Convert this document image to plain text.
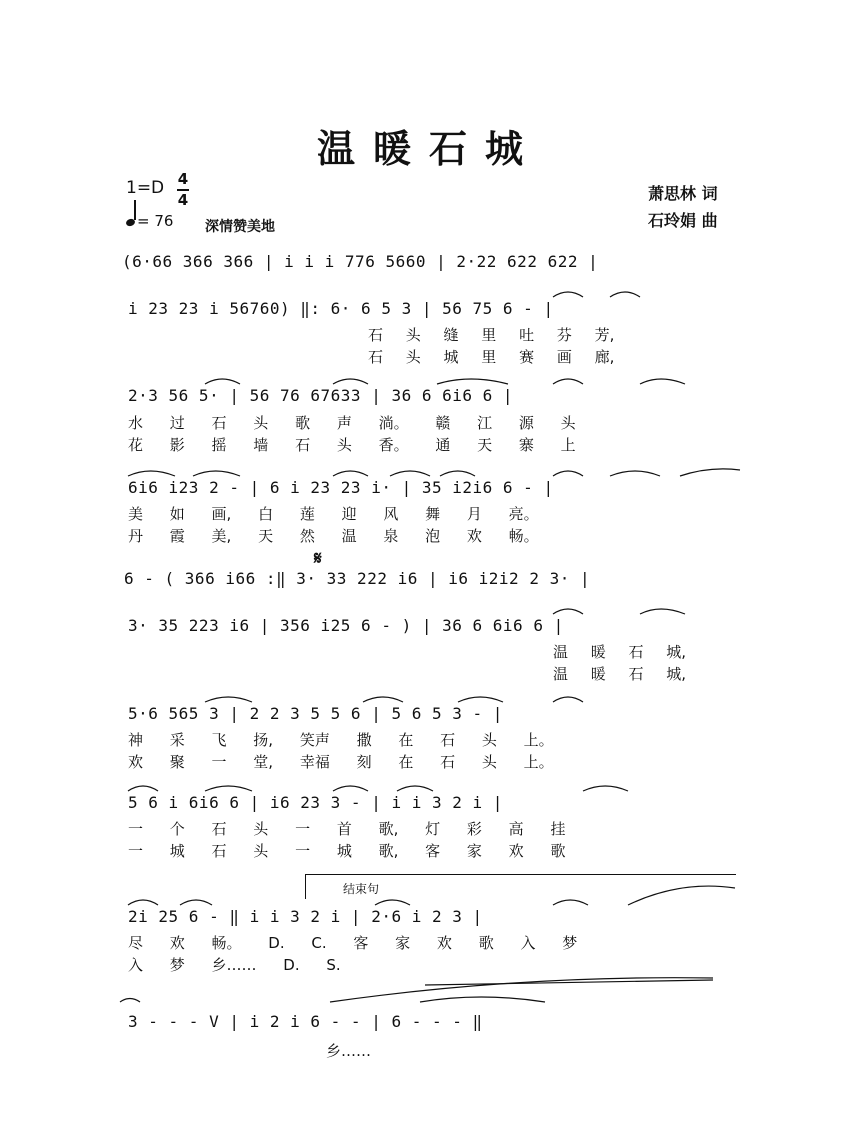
温暖石城
1=D 4
4
= 76 深情赞美地
萧思林 词
石玲娟 曲
(6·66 366 366 | i i i 776 5660 | 2·22 622 622 |
i 23 23 i 56760) ‖: 6· 6 5 3 | 56 75 6 - |
石 头 缝 里 吐 芬 芳,
石 头 城 里 赛 画 廊,
2·3 56 5· | 56 76 67633 | 36 6 6i6 6 |
水 过 石 头 歌 声 淌。 赣 江 源 头
花 影 摇 墙 石 头 香。 通 天 寨 上
6i6 i23 2 - | 6 i 23 23 i· | 35 i2i6 6 - |
美 如 画, 白 莲 迎 风 舞 月 亮。
丹 霞 美, 天 然 温 泉 泡 欢 畅。
𝄋
6 - ( 366 i66 :‖ 3· 33 222 i6 | i6 i2i2 2 3· |
3· 35 223 i6 | 356 i25 6 - ) | 36 6 6i6 6 |
温 暖 石 城,
温 暖 石 城,
5·6 565 3 | 2 2 3 5 5 6 | 5 6 5 3 - |
神 采 飞 扬, 笑声 撒 在 石 头 上。
欢 聚 一 堂, 幸福 刻 在 石 头 上。
5 6 i 6i6 6 | i6 23 3 - | i i 3 2 i |
一 个 石 头 一 首 歌, 灯 彩 高 挂
一 城 石 头 一 城 歌, 客 家 欢 歌
结束句
2i 25 6 - ‖ i i 3 2 i | 2·6 i 2 3 |
尽 欢 畅。 D. C. 客 家 欢 歌 入 梦
入 梦 乡…… D. S.
3 - - - V | i 2 i 6 - - | 6 - - - ‖
乡……
